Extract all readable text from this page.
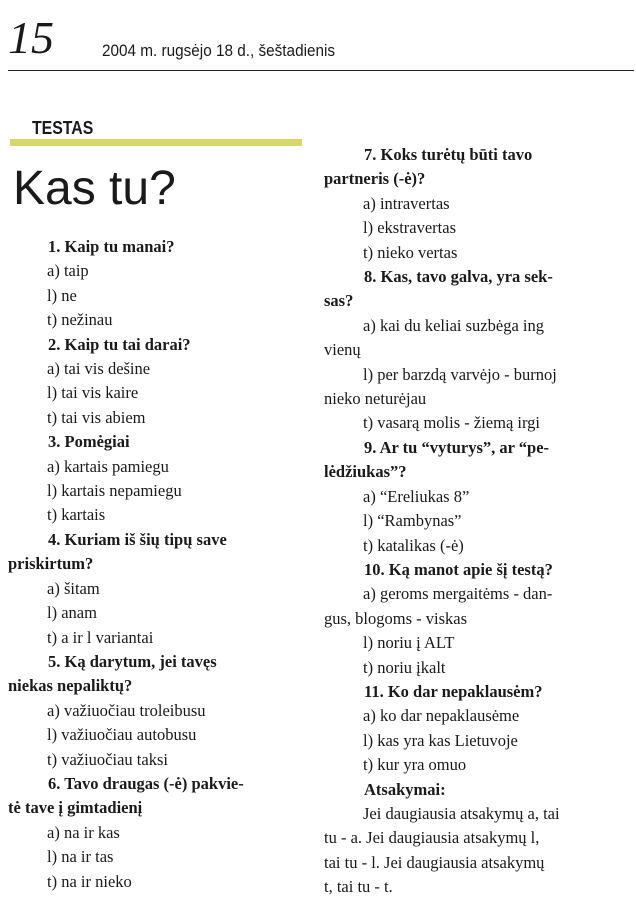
15	2004 m. rugsėjo 18 d., šeštadienis
TESTAS
Kas tu?
1. Kaip tu manai?
a) taip
l) ne
t) nežinau
2. Kaip tu tai darai?
a) tai vis dešine
l) tai vis kaire
t) tai vis abiem
3. Pomėgiai
a) kartais pamiegu
l) kartais nepamiegu
t) kartais
4. Kuriam iš šių tipų save
priskirtum?
a) šitam
l) anam
t) a ir l variantai
5. Ką darytum, jei tavęs
niekas nepaliktų?
a) važiuočiau troleibusu
l) važiuočiau autobusu
t) važiuočiau taksi
6. Tavo draugas (-ė) pakvie-
tė tave į gimtadienį
a) na ir kas
l) na ir tas
t) na ir nieko
7. Koks turėtų būti tavo
partneris (-ė)?
a) intravertas
l) ekstravertas
t) nieko vertas
8. Kas, tavo galva, yra sek-
sas?
a) kai du keliai suzbėga ing
vienų
l) per barzdą varvėjo - burnoj
nieko neturėjau
t) vasarą molis - žiemą irgi
9. Ar tu “vyturys”, ar “pe-
lėdžiukas”?
a) “Ereliukas 8”
l) “Rambynas”
t) katalikas (-ė)
10. Ką manot apie šį testą?
a) geroms mergaitėms - dan-
gus, blogoms - viskas
l) noriu į ALT
t) noriu įkalt
11. Ko dar nepaklausėm?
a) ko dar nepaklausėme
l) kas yra kas Lietuvoje
t) kur yra omuo
Atsakymai:
Jei daugiausia atsakymų a, tai
tu - a. Jei daugiausia atsakymų l,
tai tu - l. Jei daugiausia atsakymų
t, tai tu - t.
